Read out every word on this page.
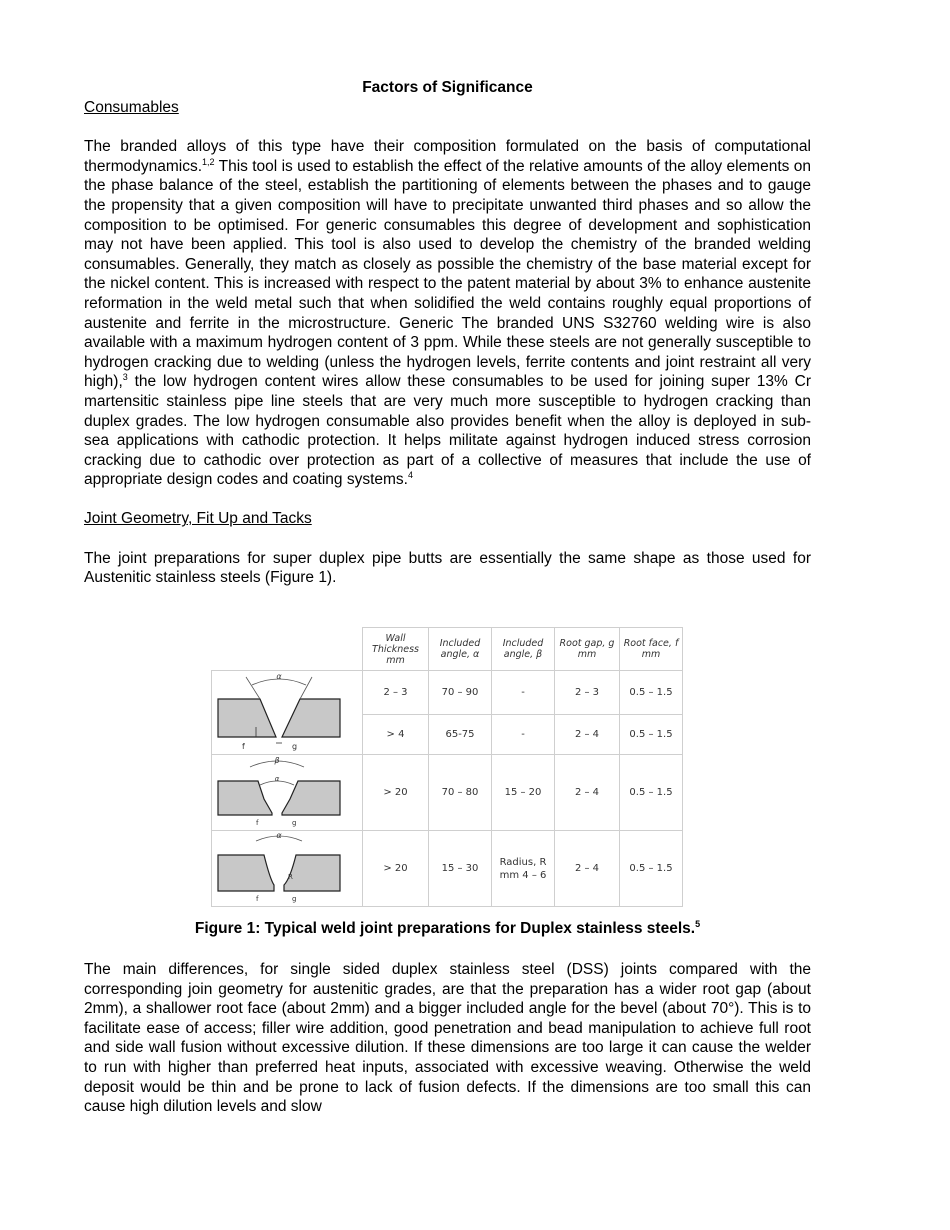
Factors of Significance
Consumables

The branded alloys of this type have their composition formulated on the basis of computational thermodynamics.$^{1,2}$ This tool is used to establish the effect of the relative amounts of the alloy elements on the phase balance of the steel, establish the partitioning of elements between the phases and to gauge the propensity that a given composition will have to precipitate unwanted third phases and so allow the composition to be optimised. For generic consumables this degree of development and sophistication may not have been applied. This tool is also used to develop the chemistry of the branded welding consumables. Generally, they match as closely as possible the chemistry of the base material except for the nickel content. This is increased with respect to the patent material by about 3% to enhance austenite reformation in the weld metal such that when solidified the weld contains roughly equal proportions of austenite and ferrite in the microstructure. Generic The branded UNS S32760 welding wire is also available with a maximum hydrogen content of 3 ppm. While these steels are not generally susceptible to hydrogen cracking due to welding (unless the hydrogen levels, ferrite contents and joint restraint all very high),$^3$ the low hydrogen content wires allow these consumables to be used for joining super 13% Cr martensitic stainless pipe line steels that are very much more susceptible to hydrogen cracking than duplex grades. The low hydrogen consumable also provides benefit when the alloy is deployed in sub- sea applications with cathodic protection. It helps militate against hydrogen induced stress corrosion cracking due to cathodic over protection as part of a collective of measures that include the use of appropriate design codes and coating systems.$^4$

Joint Geometry, Fit Up and Tacks

The joint preparations for super duplex pipe butts are essentially the same shape as those used for Austenitic stainless steels (Figure 1).

	Wall Thickness mm	Included angle, α	Included angle, β	Root gap, g mm	Root face, f mm

α
f g	2 – 3	70 – 90	-	2 – 3	0.5 – 1.5
	> 4	65-75	-	2 – 4	0.5 – 1.5

β
α
f g	> 20	70 – 80	15 – 20	2 – 4	0.5 – 1.5

α
R
f g	> 20	15 – 30	Radius, R mm 4 – 6	2 – 4	0.5 – 1.5
Figure 1: Typical weld joint preparations for Duplex stainless steels.$^5$

The main differences, for single sided duplex stainless steel (DSS) joints compared with the corresponding join geometry for austenitic grades, are that the preparation has a wider root gap (about 2mm), a shallower root face (about 2mm) and a bigger included angle for the bevel (about 70°). This is to facilitate ease of access; filler wire addition, good penetration and bead manipulation to achieve full root and side wall fusion without excessive dilution. If these dimensions are too large it can cause the welder to run with higher than preferred heat inputs, associated with excessive weaving. Otherwise the weld deposit would be thin and be prone to lack of fusion defects. If the dimensions are too small this can cause high dilution levels and slow
